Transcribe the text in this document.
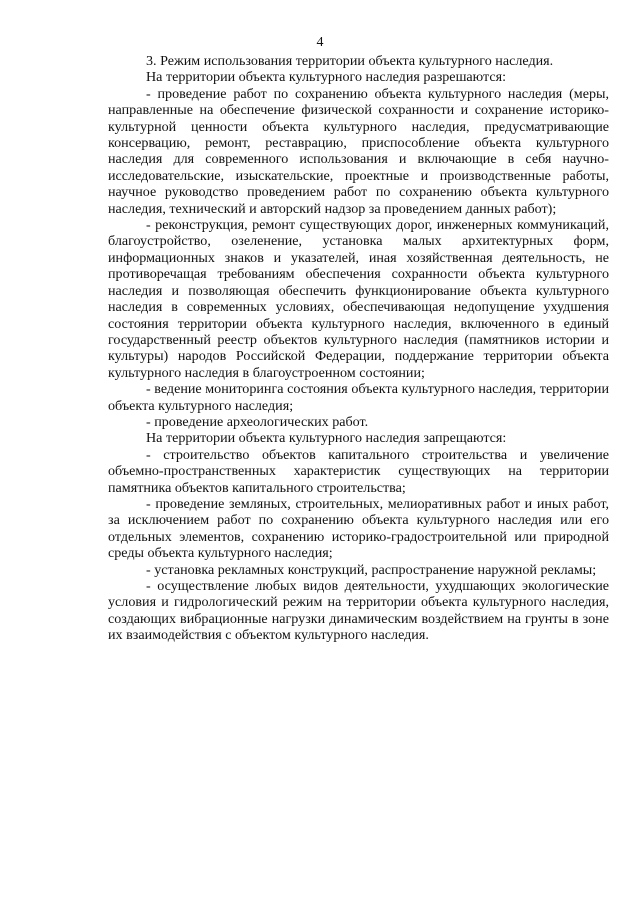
4

3. Режим использования территории объекта культурного наследия.

На территории объекта культурного наследия разрешаются:

- проведение работ по сохранению объекта культурного наследия (меры, направленные на обеспечение физической сохранности и сохранение историко-культурной ценности объекта культурного наследия, предусматривающие консервацию, ремонт, реставрацию, приспособление объекта культурного наследия для современного использования и включающие в себя научно-исследовательские, изыскательские, проектные и производственные работы, научное руководство проведением работ по сохранению объекта культурного наследия, технический и авторский надзор за проведением данных работ);

- реконструкция, ремонт существующих дорог, инженерных коммуникаций, благоустройство, озеленение, установка малых архитектурных форм, информационных знаков и указателей, иная хозяйственная деятельность, не противоречащая требованиям обеспечения сохранности объекта культурного наследия и позволяющая обеспечить функционирование объекта культурного наследия в современных условиях, обеспечивающая недопущение ухудшения состояния территории объекта культурного наследия, включенного в единый государственный реестр объектов культурного наследия (памятников истории и культуры) народов Российской Федерации, поддержание территории объекта культурного наследия в благоустроенном состоянии;

- ведение мониторинга состояния объекта культурного наследия, территории объекта культурного наследия;

- проведение археологических работ.

На территории объекта культурного наследия запрещаются:

- строительство объектов капитального строительства и увеличение объемно-пространственных характеристик существующих на территории памятника объектов капитального строительства;

- проведение земляных, строительных, мелиоративных работ и иных работ, за исключением работ по сохранению объекта культурного наследия или его отдельных элементов, сохранению историко-градостроительной или природной среды объекта культурного наследия;

- установка рекламных конструкций, распространение наружной рекламы;

- осуществление любых видов деятельности, ухудшающих экологические условия и гидрологический режим на территории объекта культурного наследия, создающих вибрационные нагрузки динамическим воздействием на грунты в зоне их взаимодействия с объектом культурного наследия.
